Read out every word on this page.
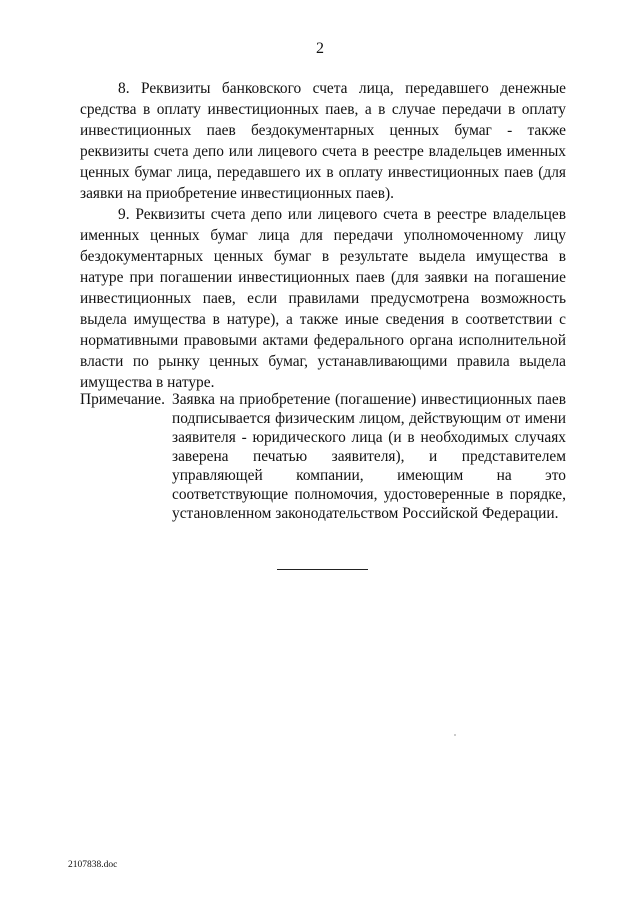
2

8. Реквизиты банковского счета лица, передавшего денежные средства в оплату инвестиционных паев, а в случае передачи в оплату инвестиционных паев бездокументарных ценных бумаг - также реквизиты счета депо или лицевого счета в реестре владельцев именных ценных бумаг лица, передавшего их в оплату инвестиционных паев (для заявки на приобретение инвестиционных паев).

9. Реквизиты счета депо или лицевого счета в реестре владельцев именных ценных бумаг лица для передачи уполномоченному лицу бездокументарных ценных бумаг в результате выдела имущества в натуре при погашении инвестиционных паев (для заявки на погашение инвестиционных паев, если правилами предусмотрена возможность выдела имущества в натуре), а также иные сведения в соответствии с нормативными правовыми актами федерального органа исполнительной власти по рынку ценных бумаг, устанавливающими правила выдела имущества в натуре.

Примечание. Заявка на приобретение (погашение) инвестиционных паев подписывается физическим лицом, действующим от имени заявителя - юридического лица (и в необходимых случаях заверена печатью заявителя), и представителем управляющей компании, имеющим на это соответствующие полномочия, удостоверенные в порядке, установленном законодательством Российской Федерации.

2107838.doc
